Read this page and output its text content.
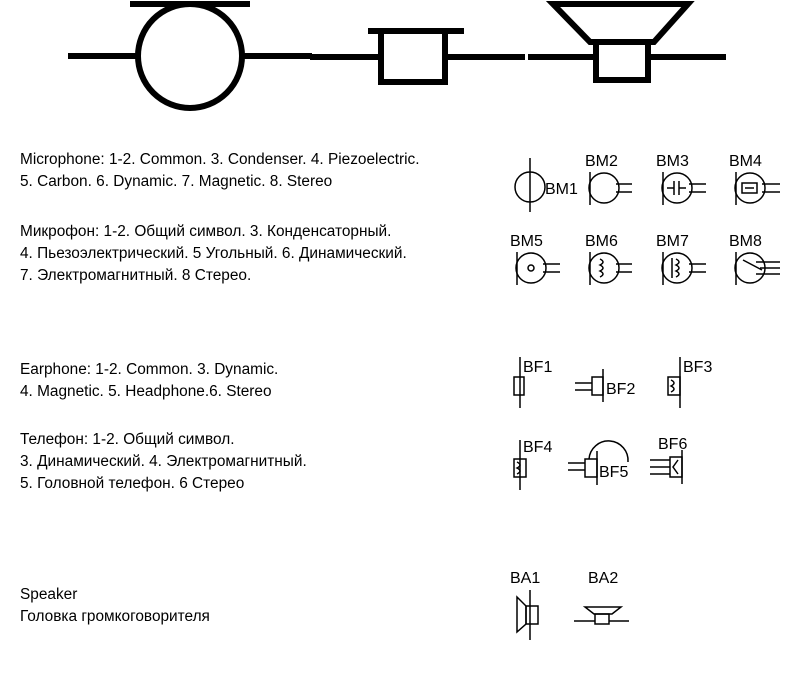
BM1
BM2 BM3	BM4
BM5	BM6 BM7	BM8
BF1
BF2
BF3
BF4
BF5
BF6
BA1	BA2

Microphone: 1-2. Common. 3. Condenser. 4. Piezoelectric.
5. Carbon. 6. Dynamic. 7. Magnetic. 8. Stereo

Микрофон: 1-2. Общий символ. 3. Конденсаторный.
4. Пьезоэлектрический. 5 Угольный. 6. Динамический.
7. Электромагнитный. 8 Стерео.

Earphone: 1-2. Common. 3. Dynamic.
4. Magnetic. 5. Headphone.6. Stereo

Телефон: 1-2. Общий символ.
3. Динамический. 4. Электромагнитный.
5. Головной телефон. 6 Стерео

Speaker
Головка громкоговорителя
